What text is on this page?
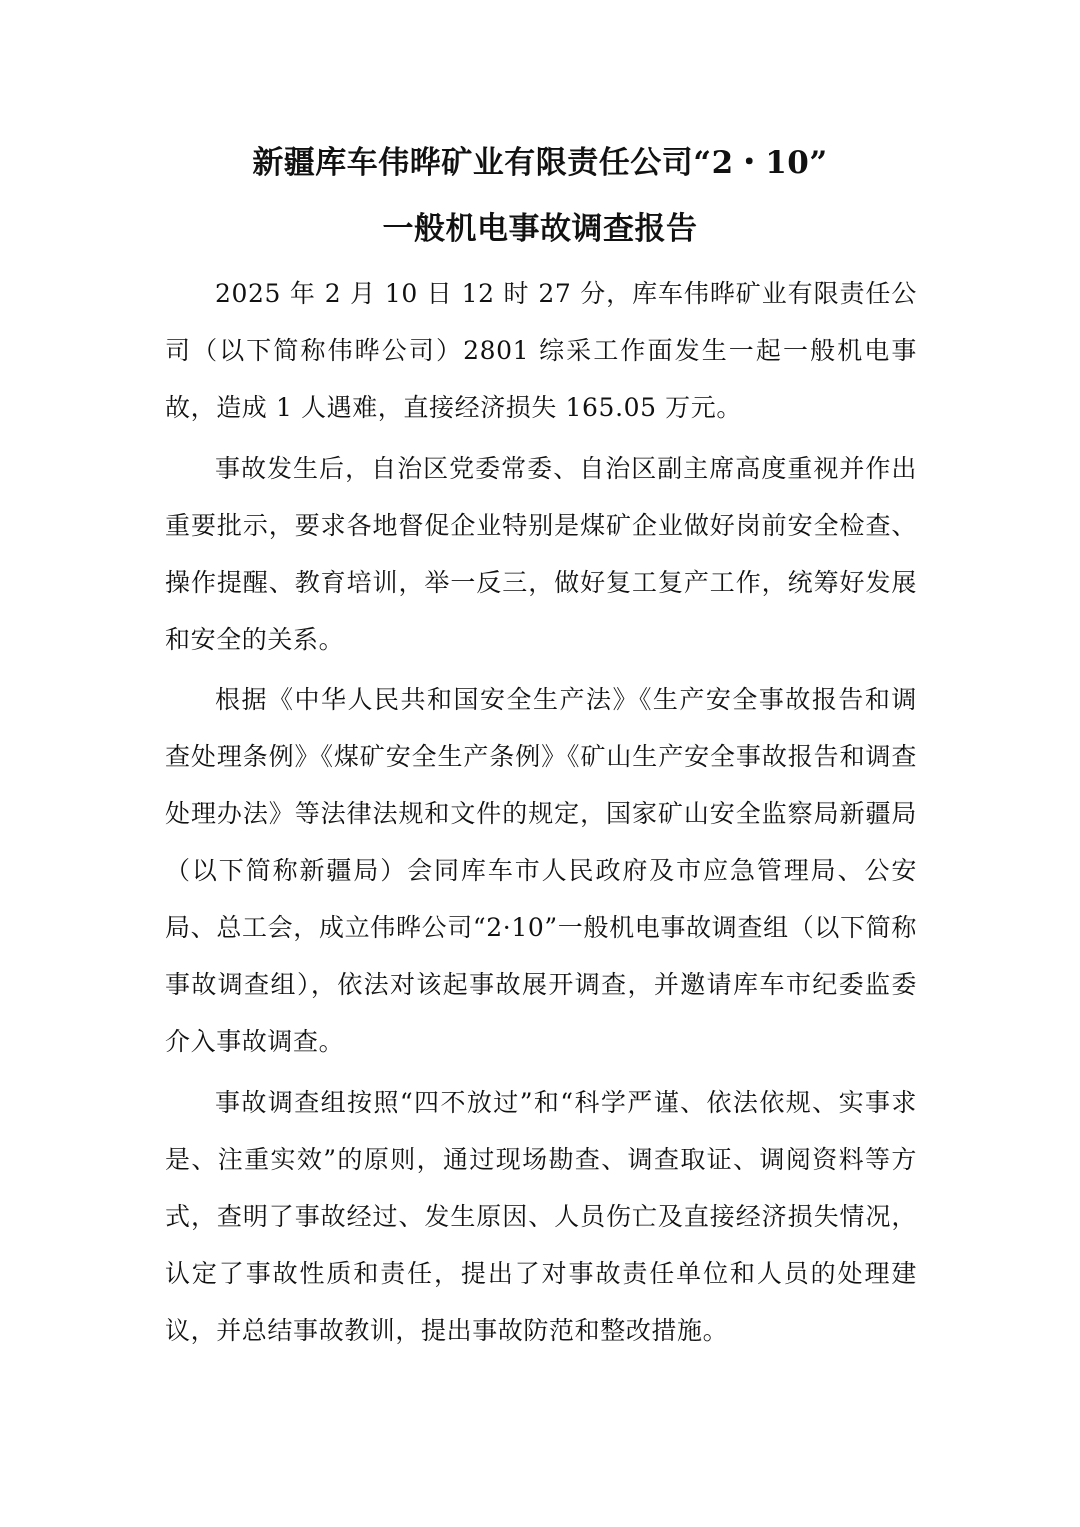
新疆库车伟晔矿业有限责任公司“2・10”
一般机电事故调查报告

2025 年 2 月 10 日 12 时 27 分，库车伟晔矿业有限责任公司（以下简称伟晔公司）2801 综采工作面发生一起一般机电事故，造成 1 人遇难，直接经济损失 165.05 万元。

事故发生后，自治区党委常委、自治区副主席高度重视并作出重要批示，要求各地督促企业特别是煤矿企业做好岗前安全检查、操作提醒、教育培训，举一反三，做好复工复产工作，统筹好发展和安全的关系。

根据《中华人民共和国安全生产法》《生产安全事故报告和调查处理条例》《煤矿安全生产条例》《矿山生产安全事故报告和调查处理办法》等法律法规和文件的规定，国家矿山安全监察局新疆局（以下简称新疆局）会同库车市人民政府及市应急管理局、公安局、总工会，成立伟晔公司“2·10”一般机电事故调查组（以下简称事故调查组），依法对该起事故展开调查，并邀请库车市纪委监委介入事故调查。

事故调查组按照“四不放过”和“科学严谨、依法依规、实事求是、注重实效”的原则，通过现场勘查、调查取证、调阅资料等方式，查明了事故经过、发生原因、人员伤亡及直接经济损失情况，认定了事故性质和责任，提出了对事故责任单位和人员的处理建议，并总结事故教训，提出事故防范和整改措施。
